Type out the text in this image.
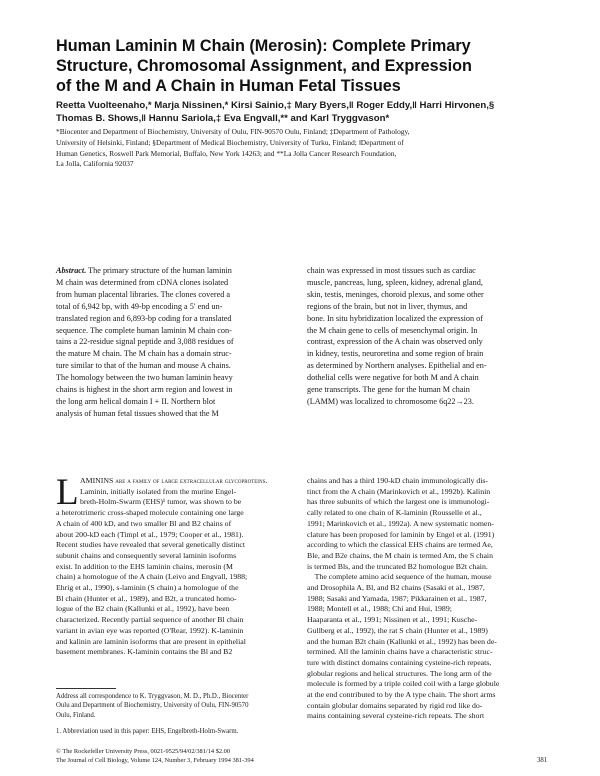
Human Laminin M Chain (Merosin): Complete Primary
Structure, Chromosomal Assignment, and Expression
of the M and A Chain in Human Fetal Tissues
Reetta Vuolteenaho,* Marja Nissinen,* Kirsi Sainio,‡ Mary Byers,‖ Roger Eddy,‖ Harri Hirvonen,§
Thomas B. Shows,‖ Hannu Sariola,‡ Eva Engvall,** and Karl Tryggvason*
*Biocenter and Department of Biochemistry, University of Oulu, FIN-90570 Oulu, Finland; ‡Department of Pathology,
University of Helsinki, Finland; §Department of Medical Biochemistry, University of Turku, Finland; ‖Department of
Human Genetics, Roswell Park Memorial, Buffalo, New York 14263; and **La Jolla Cancer Research Foundation,
La Jolla, California 92037
Abstract. The primary structure of the human laminin
M chain was determined from cDNA clones isolated
from human placental libraries. The clones covered a
total of 6,942 bp, with 49-bp encoding a 5′ end un-
translated region and 6,893-bp coding for a translated
sequence. The complete human laminin M chain con-
tains a 22-residue signal peptide and 3,088 residues of
the mature M chain. The M chain has a domain struc-
ture similar to that of the human and mouse A chains.
The homology between the two human laminin heavy
chains is highest in the short arm region and lowest in
the long arm helical domain I + II. Northern blot
analysis of human fetal tissues showed that the M
chain was expressed in most tissues such as cardiac
muscle, pancreas, lung, spleen, kidney, adrenal gland,
skin, testis, meninges, choroid plexus, and some other
regions of the brain, but not in liver, thymus, and
bone. In situ hybridization localized the expression of
the M chain gene to cells of mesenchymal origin. In
contrast, expression of the A chain was observed only
in kidney, testis, neuroretina and some region of brain
as determined by Northern analyses. Epithelial and en-
dothelial cells were negative for both M and A chain
gene transcripts. The gene for the human M chain
(LAMM) was localized to chromosome 6q22→23.
L AMININS are a family of large extracellular glycoproteins.
Laminin, initially isolated from the murine Engel-
breth-Holm-Swarm (EHS)¹ tumor, was shown to be
a heterotrimeric cross-shaped molecule containing one large
A chain of 400 kD, and two smaller Bl and B2 chains of
about 200-kD each (Timpl et al., 1979; Cooper et al., 1981).
Recent studies have revealed that several genetically distinct
subunit chains and consequently several laminin isoforms
exist. In addition to the EHS laminin chains, merosin (M
chain) a homologue of the A chain (Leivo and Engvall, 1988;
Ehrig et al., 1990), s-laminin (S chain) a homologue of the
Bl chain (Hunter et al., 1989), and B2t, a truncated homo-
logue of the B2 chain (Kallunki et al., 1992), have been
characterized. Recently partial sequence of another Bl chain
variant in avian eye was reported (O'Rear, 1992). K-laminin
and kalinin are laminin isoforms that are present in epithelial
basement membranes. K-laminin contains the Bl and B2
chains and has a third 190-kD chain immunologically dis-
tinct from the A chain (Marinkovich et al., 1992b). Kalinin
has three subunits of which the largest one is immunologi-
cally related to one chain of K-laminin (Rousselle et al.,
1991; Marinkovich et al., 1992a). A new systematic nomen-
clature has been proposed for laminin by Engel et al. (1991)
according to which the classical EHS chains are termed Ae,
Ble, and B2e chains, the M chain is termed Am, the S chain
is termed Bls, and the truncated B2 homologue B2t chain.
The complete amino acid sequence of the human, mouse
and Drosophila A, Bl, and B2 chains (Sasaki et al., 1987,
1988; Sasaki and Yamada, 1987; Pikkarainen et al., 1987,
1988; Montell et al., 1988; Chi and Hui, 1989;
Haaparanta et al., 1991; Nissinen et al., 1991; Kusche-
Gullberg et al., 1992), the rat S chain (Hunter et al., 1989)
and the human B2t chain (Kallunki et al., 1992) has been de-
termined. All the laminin chains have a characteristic struc-
ture with distinct domains containing cysteine-rich repeats,
globular regions and helical structures. The long arm of the
molecule is formed by a triple coiled coil with a large globule
at the end contributed to by the A type chain. The short arms
contain globular domains separated by rigid rod like do-
mains containing several cysteine-rich repeats. The short
Address all correspondence to K. Tryggvason, M. D., Ph.D., Biocenter
Oulu and Department of Biochemistry, University of Oulu, FIN-90570
Oulu, Finland.
1. Abbreviation used in this paper: EHS, Engelbreth-Holm-Swarm.
© The Rockefeller University Press, 0021-9525/94/02/381/14 $2.00
The Journal of Cell Biology, Volume 124, Number 3, February 1994 381-394	381
